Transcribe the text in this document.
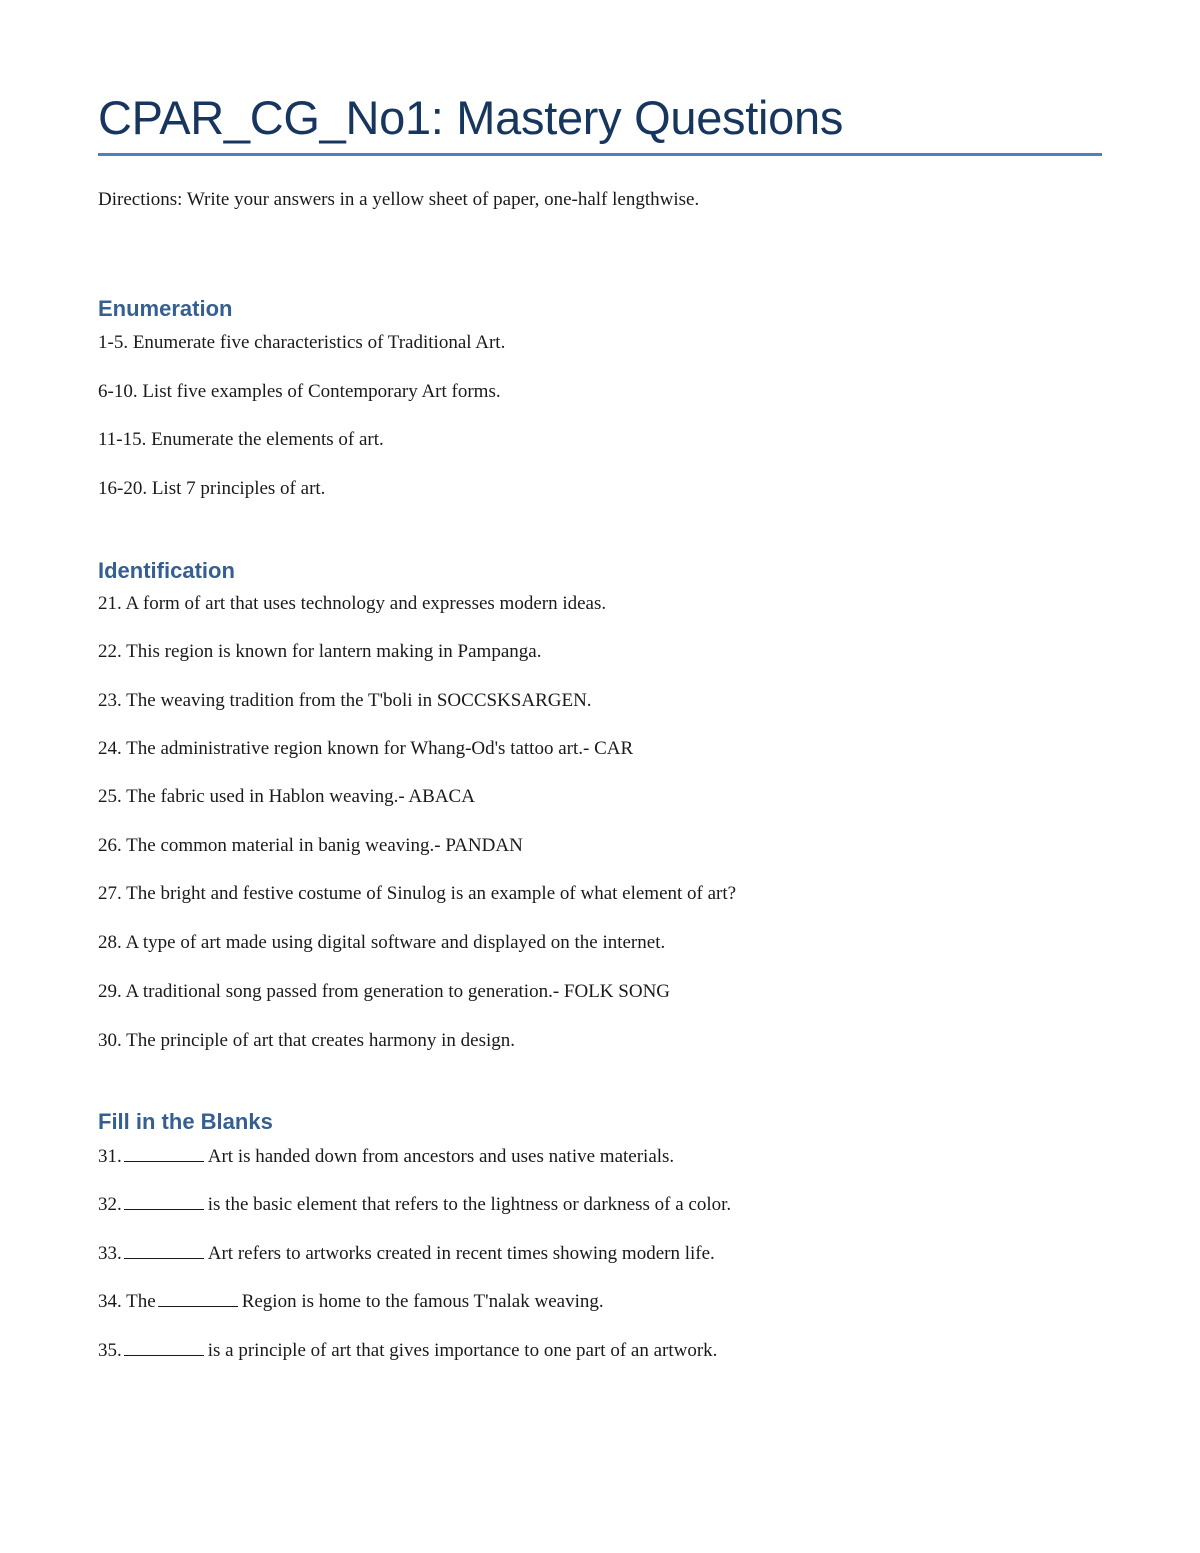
CPAR_CG_No1: Mastery Questions
Directions: Write your answers in a yellow sheet of paper, one-half lengthwise.
Enumeration
1-5. Enumerate five characteristics of Traditional Art.
6-10. List five examples of Contemporary Art forms.
11-15. Enumerate the elements of art.
16-20. List 7 principles of art.
Identification
21. A form of art that uses technology and expresses modern ideas.
22. This region is known for lantern making in Pampanga.
23. The weaving tradition from the T'boli in SOCCSKSARGEN.
24. The administrative region known for Whang-Od's tattoo art.- CAR
25. The fabric used in Hablon weaving.- ABACA
26. The common material in banig weaving.- PANDAN
27. The bright and festive costume of Sinulog is an example of what element of art?
28. A type of art made using digital software and displayed on the internet.
29. A traditional song passed from generation to generation.- FOLK SONG
30. The principle of art that creates harmony in design.
Fill in the Blanks
31.	Art is handed down from ancestors and uses native materials.
32.	is the basic element that refers to the lightness or darkness of a color.
33.	Art refers to artworks created in recent times showing modern life.
34. The	Region is home to the famous T'nalak weaving.
35.	is a principle of art that gives importance to one part of an artwork.
